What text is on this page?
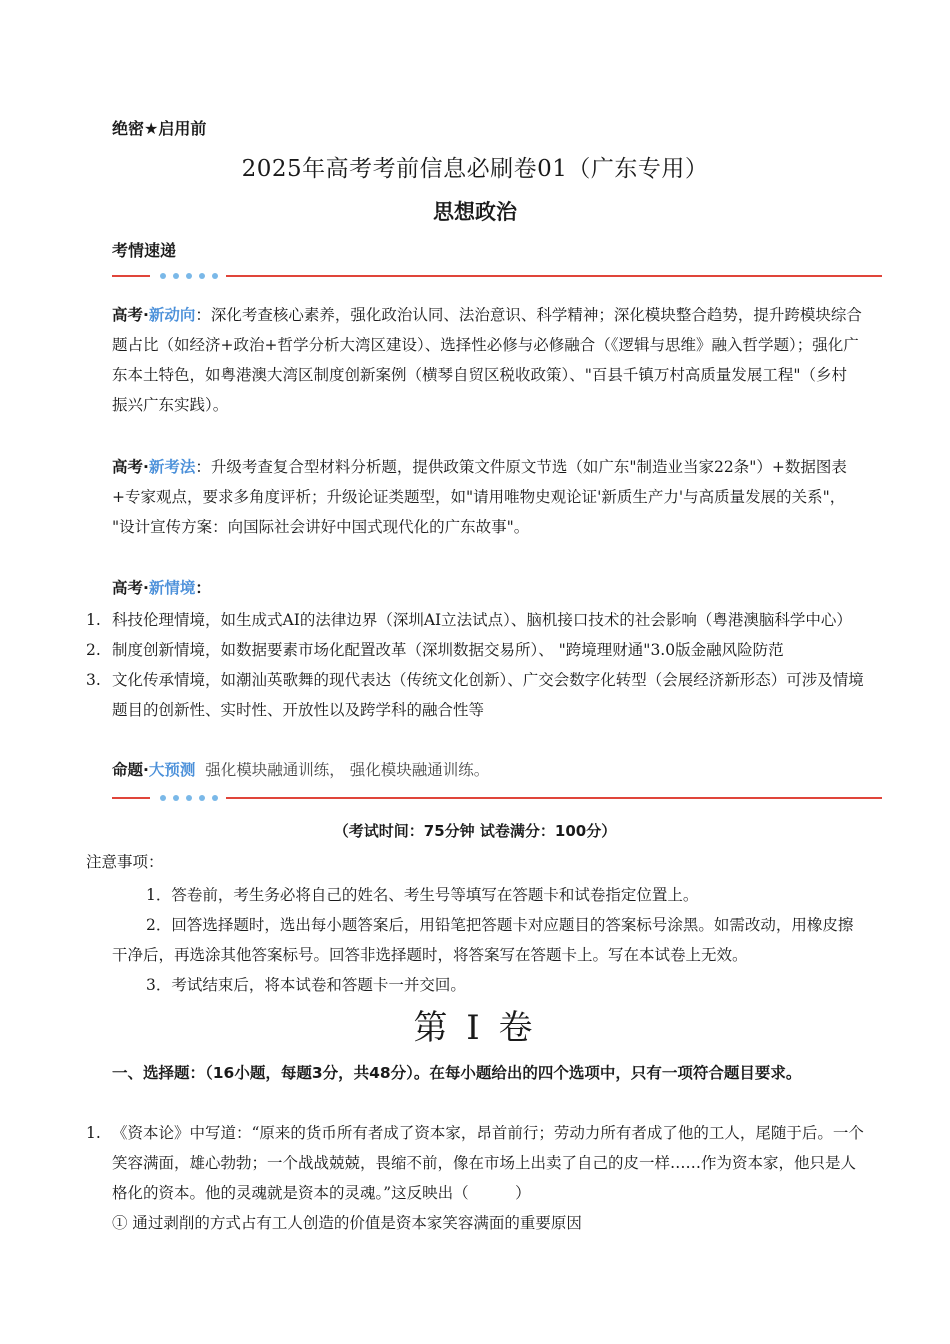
绝密★启用前
2025年高考考前信息必刷卷01（广东专用）
思想政治
考情速递
高考·新动向：深化考查核心素养，强化政治认同、法治意识、科学精神；深化模块整合趋势，提升跨模块综合题占比（如经济+政治+哲学分析大湾区建设）、选择性必修与必修融合（《逻辑与思维》融入哲学题）；强化广东本土特色，如粤港澳大湾区制度创新案例（横琴自贸区税收政策）、"百县千镇万村高质量发展工程"（乡村振兴广东实践）。
高考·新考法：升级考查复合型材料分析题，提供政策文件原文节选（如广东"制造业当家22条"）+数据图表+专家观点，要求多角度评析；升级论证类题型，如"请用唯物史观论证'新质生产力'与高质量发展的关系"， "设计宣传方案：向国际社会讲好中国式现代化的广东故事"。
高考·新情境：
1. 科技伦理情境，如生成式AI的法律边界（深圳AI立法试点）、脑机接口技术的社会影响（粤港澳脑科学中心）
2. 制度创新情境，如数据要素市场化配置改革（深圳数据交易所）、 "跨境理财通"3.0版金融风险防范
3. 文化传承情境，如潮汕英歌舞的现代表达（传统文化创新）、广交会数字化转型（会展经济新形态）可涉及情境题目的创新性、实时性、开放性以及跨学科的融合性等
命题·大预测 强化模块融通训练， 强化模块融通训练。
（考试时间：75分钟 试卷满分：100分）
注意事项：
1．答卷前，考生务必将自己的姓名、考生号等填写在答题卡和试卷指定位置上。
2．回答选择题时，选出每小题答案后，用铅笔把答题卡对应题目的答案标号涂黑。如需改动，用橡皮擦干净后，再选涂其他答案标号。回答非选择题时，将答案写在答题卡上。写在本试卷上无效。
3．考试结束后，将本试卷和答题卡一并交回。
第 I 卷
一、选择题：（16小题，每题3分，共48分）。在每小题给出的四个选项中，只有一项符合题目要求。
1. 《资本论》中写道：“原来的货币所有者成了资本家，昂首前行；劳动力所有者成了他的工人，尾随于后。一个笑容满面，雄心勃勃；一个战战兢兢，畏缩不前，像在市场上出卖了自己的皮一样……作为资本家，他只是人格化的资本。他的灵魂就是资本的灵魂。”这反映出（　　　）
① 通过剥削的方式占有工人创造的价值是资本家笑容满面的重要原因
